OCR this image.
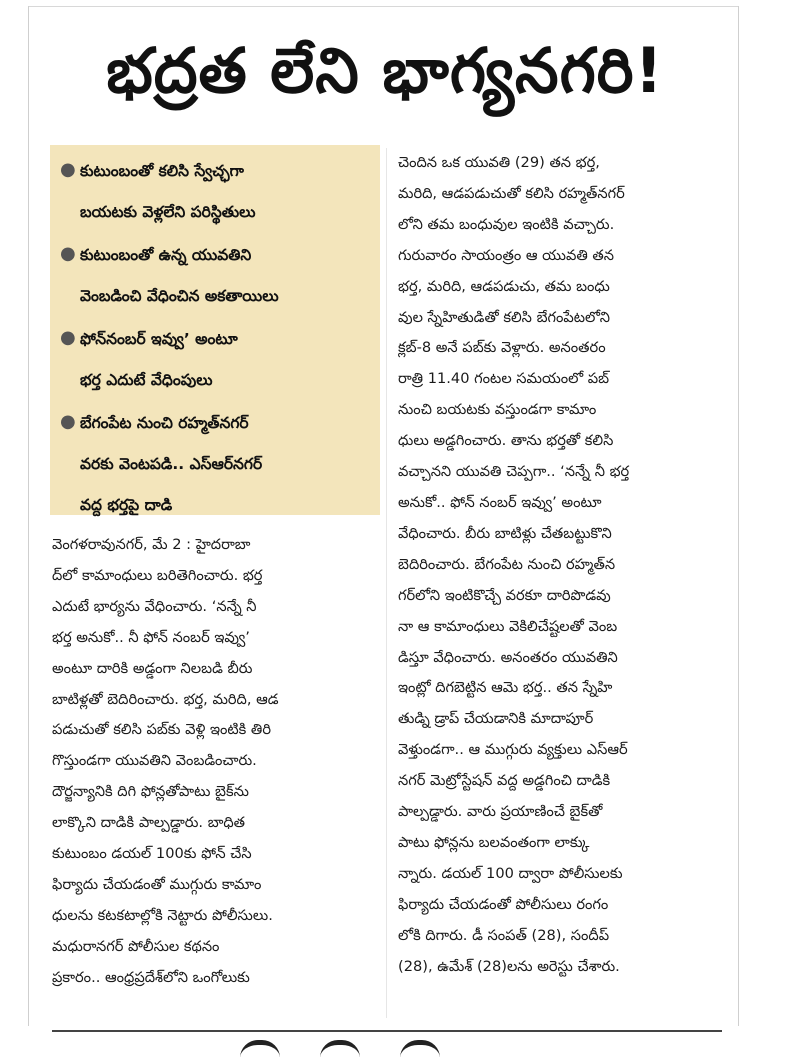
భద్రత లేని భాగ్యనగరి!
● కుటుంబంతో కలిసి స్వేచ్ఛగా
బయటకు వెళ్లలేని పరిస్థితులు
● కుటుంబంతో ఉన్న యువతిని
వెంబడించి వేధించిన అకతాయిలు
● ఫోన్‌నంబర్ ఇవ్వు’ అంటూ
భర్త ఎదుటే వేధింపులు
● బేగంపేట నుంచి రహ్మత్‌నగర్
వరకు వెంటపడి.. ఎస్ఆర్‌నగర్
వద్ద భర్తపై దాడి
వెంగళరావునగర్, మే 2 : హైదరాబా
ద్‌లో కామాంధులు బరితెగించారు. భర్త
ఎదుటే భార్యను వేధించారు. ‘నన్నే నీ
భర్త అనుకో.. నీ ఫోన్ నంబర్ ఇవ్వు’
అంటూ దారికి అడ్డంగా నిలబడి బీరు
బాటిళ్లతో బెదిరించారు. భర్త, మరిది, ఆడ
పడుచుతో కలిసి పబ్‌కు వెళ్లి ఇంటికి తిరి
గొస్తుండగా యువతిని వెంబడించారు.
దౌర్జన్యానికి దిగి ఫోన్లతోపాటు బైక్‌ను
లాక్కొని దాడికి పాల్పడ్డారు. బాధిత
కుటుంబం డయల్ 100కు ఫోన్ చేసి
ఫిర్యాదు చేయడంతో ముగ్గురు కామాం
ధులను కటకటాల్లోకి నెట్టారు పోలీసులు.
మధురానగర్ పోలీసుల కథనం
ప్రకారం.. ఆంధ్రప్రదేశ్‌లోని ఒంగోలుకు
చెందిన ఒక యువతి (29) తన భర్త,
మరిది, ఆడపడుచుతో కలిసి రహ్మత్‌నగర్
లోని తమ బంధువుల ఇంటికి వచ్చారు.
గురువారం సాయంత్రం ఆ యువతి తన
భర్త, మరిది, ఆడపడుచు, తమ బంధు
వుల స్నేహితుడితో కలిసి బేగంపేటలోని
క్లబ్-8 అనే పబ్‌కు వెళ్లారు. అనంతరం
రాత్రి 11.40 గంటల సమయంలో పబ్
నుంచి బయటకు వస్తుండగా కామాం
ధులు అడ్డగించారు. తాను భర్తతో కలిసి
వచ్చానని యువతి చెప్పగా.. ‘నన్నే నీ భర్త
అనుకో.. ఫోన్ నంబర్ ఇవ్వు’ అంటూ
వేధించారు. బీరు బాటిళ్లు చేతబట్టుకొని
బెదిరించారు. బేగంపేట నుంచి రహ్మత్‌న
గర్‌లోని ఇంటికొచ్చే వరకూ దారిపొడవు
నా ఆ కామాంధులు వెకిలిచేష్టలతో వెంబ
డిస్తూ వేధించారు. అనంతరం యువతిని
ఇంట్లో దిగబెట్టిన ఆమె భర్త.. తన స్నేహి
తుడ్ని డ్రాప్ చేయడానికి మాదాపూర్
వెళ్తుండగా.. ఆ ముగ్గురు వ్యక్తులు ఎస్ఆర్
నగర్ మెట్రోస్టేషన్ వద్ద అడ్డగించి దాడికి
పాల్పడ్డారు. వారు ప్రయాణించే బైక్‌తో
పాటు ఫోన్లను బలవంతంగా లాక్కు
న్నారు. డయల్ 100 ద్వారా పోలీసులకు
ఫిర్యాదు చేయడంతో పోలీసులు రంగం
లోకి దిగారు. డీ సంపత్ (28), సందీప్
(28), ఉమేశ్ (28)లను అరెస్టు చేశారు.
